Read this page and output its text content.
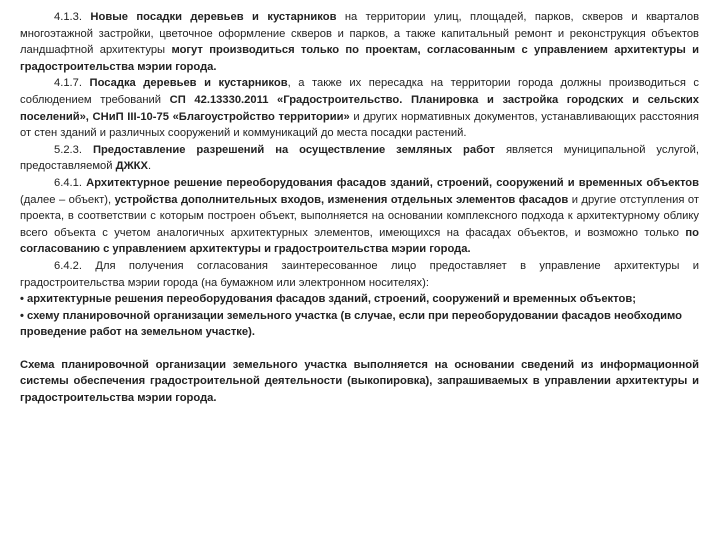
4.1.3. Новые посадки деревьев и кустарников на территории улиц, площадей, парков, скверов и кварталов многоэтажной застройки, цветочное оформление скверов и парков, а также капитальный ремонт и реконструкция объектов ландшафтной архитектуры могут производиться только по проектам, согласованным с управлением архитектуры и градостроительства мэрии города.

4.1.7. Посадка деревьев и кустарников, а также их пересадка на территории города должны производиться с соблюдением требований СП 42.13330.2011 «Градостроительство. Планировка и застройка городских и сельских поселений», СНиП III-10-75 «Благоустройство территории» и других нормативных документов, устанавливающих расстояния от стен зданий и различных сооружений и коммуникаций до места посадки растений.

5.2.3. Предоставление разрешений на осуществление земляных работ является муниципальной услугой, предоставляемой ДЖКХ.

6.4.1. Архитектурное решение переоборудования фасадов зданий, строений, сооружений и временных объектов (далее – объект), устройства дополнительных входов, изменения отдельных элементов фасадов и другие отступления от проекта, в соответствии с которым построен объект, выполняется на основании комплексного подхода к архитектурному облику всего объекта с учетом аналогичных архитектурных элементов, имеющихся на фасадах объектов, и возможно только по согласованию с управлением архитектуры и градостроительства мэрии города.

6.4.2. Для получения согласования заинтересованное лицо предоставляет в управление архитектуры и градостроительства мэрии города (на бумажном или электронном носителях):

• архитектурные решения переоборудования фасадов зданий, строений, сооружений и временных объектов;

• схему планировочной организации земельного участка (в случае, если при переоборудовании фасадов необходимо проведение работ на земельном участке).

Схема планировочной организации земельного участка выполняется на основании сведений из информационной системы обеспечения градостроительной деятельности (выкопировка), запрашиваемых в управлении архитектуры и градостроительства мэрии города.
